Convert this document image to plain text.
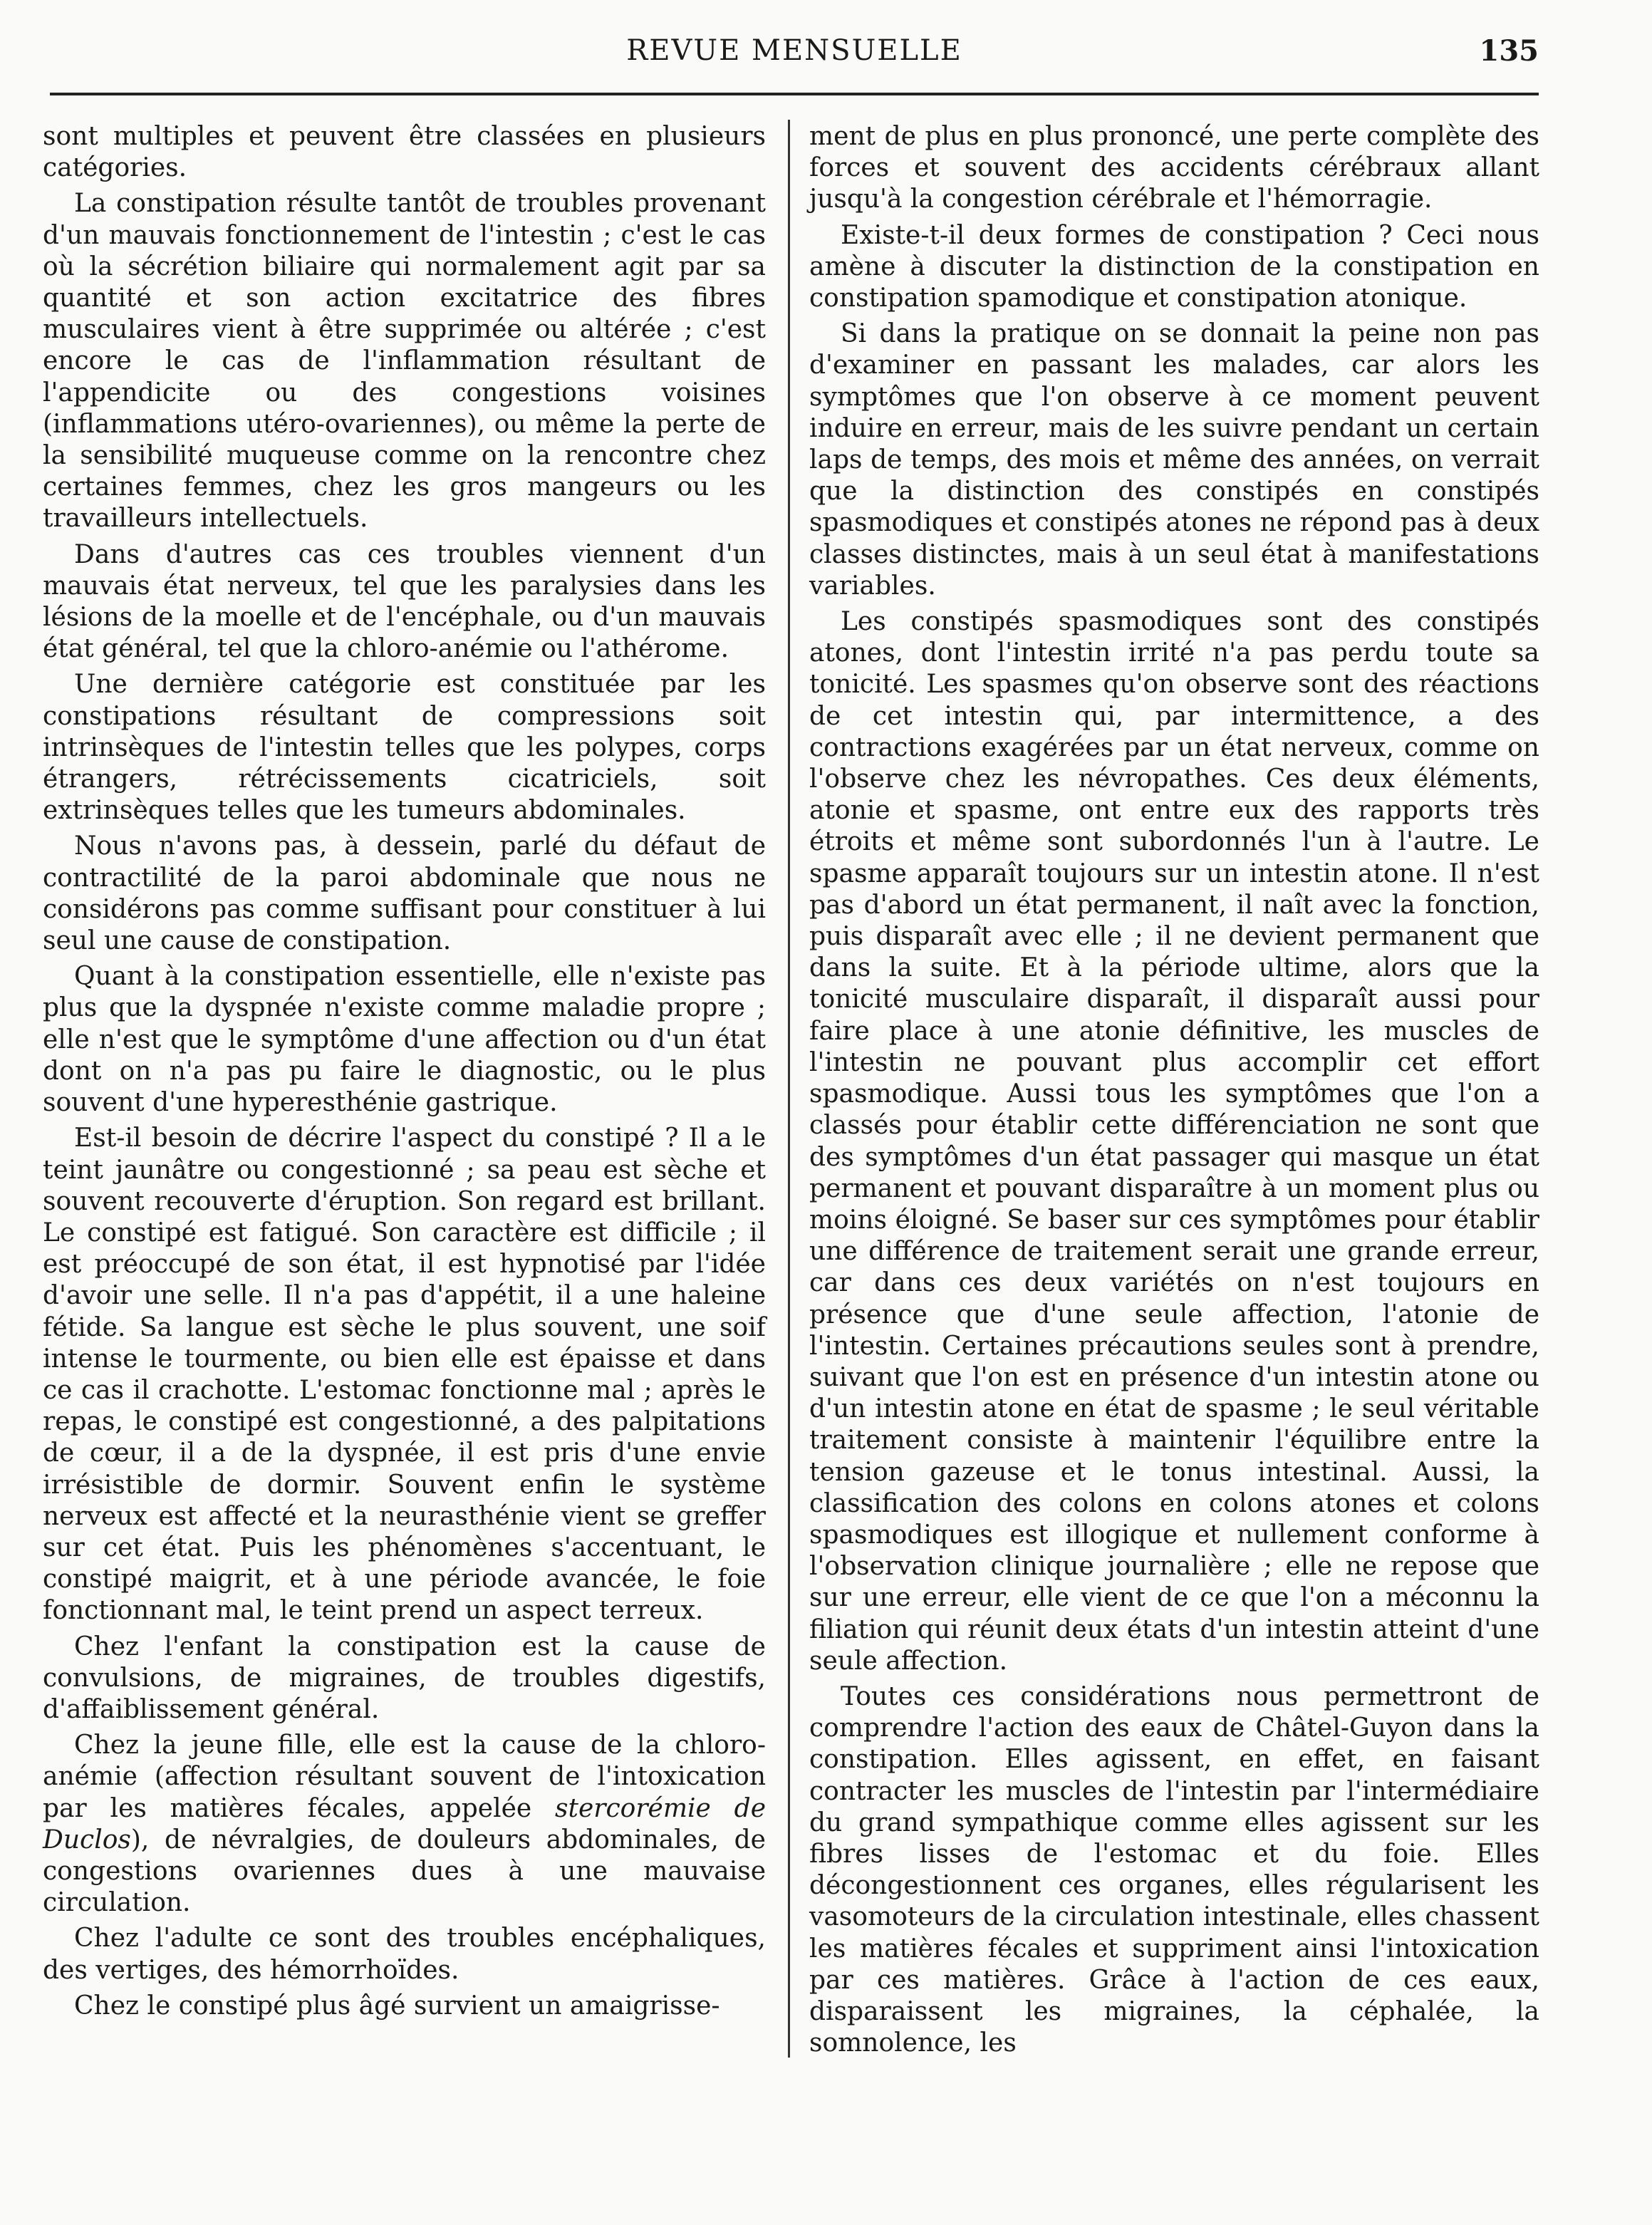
REVUE MENSUELLE	135

sont multiples et peuvent être classées en plusieurs catégories.

La constipation résulte tantôt de troubles provenant d'un mauvais fonctionnement de l'intestin ; c'est le cas où la sécrétion biliaire qui normalement agit par sa quantité et son action excitatrice des fibres musculaires vient à être supprimée ou altérée ; c'est encore le cas de l'inflammation résultant de l'appendicite ou des congestions voisines (inflammations utéro-ovariennes), ou même la perte de la sensibilité muqueuse comme on la rencontre chez certaines femmes, chez les gros mangeurs ou les travailleurs intellectuels.

Dans d'autres cas ces troubles viennent d'un mauvais état nerveux, tel que les paralysies dans les lésions de la moelle et de l'encéphale, ou d'un mauvais état général, tel que la chloro-anémie ou l'athérome.

Une dernière catégorie est constituée par les constipations résultant de compressions soit intrinsèques de l'intestin telles que les polypes, corps étrangers, rétrécissements cicatriciels, soit extrinsèques telles que les tumeurs abdominales.

Nous n'avons pas, à dessein, parlé du défaut de contractilité de la paroi abdominale que nous ne considérons pas comme suffisant pour constituer à lui seul une cause de constipation.

Quant à la constipation essentielle, elle n'existe pas plus que la dyspnée n'existe comme maladie propre ; elle n'est que le symptôme d'une affection ou d'un état dont on n'a pas pu faire le diagnostic, ou le plus souvent d'une hyperesthénie gastrique.

Est-il besoin de décrire l'aspect du constipé ? Il a le teint jaunâtre ou congestionné ; sa peau est sèche et souvent recouverte d'éruption. Son regard est brillant. Le constipé est fatigué. Son caractère est difficile ; il est préoccupé de son état, il est hypnotisé par l'idée d'avoir une selle. Il n'a pas d'appétit, il a une haleine fétide. Sa langue est sèche le plus souvent, une soif intense le tourmente, ou bien elle est épaisse et dans ce cas il crachotte. L'estomac fonctionne mal ; après le repas, le constipé est congestionné, a des palpitations de cœur, il a de la dyspnée, il est pris d'une envie irrésistible de dormir. Souvent enfin le système nerveux est affecté et la neurasthénie vient se greffer sur cet état. Puis les phénomènes s'accentuant, le constipé maigrit, et à une période avancée, le foie fonctionnant mal, le teint prend un aspect terreux.

Chez l'enfant la constipation est la cause de convulsions, de migraines, de troubles digestifs, d'affaiblissement général.

Chez la jeune fille, elle est la cause de la chloro-anémie (affection résultant souvent de l'intoxication par les matières fécales, appelée stercorémie de Duclos), de névralgies, de douleurs abdominales, de congestions ovariennes dues à une mauvaise circulation.

Chez l'adulte ce sont des troubles encéphaliques, des vertiges, des hémorrhoïdes.

Chez le constipé plus âgé survient un amaigrisse-

ment de plus en plus prononcé, une perte complète des forces et souvent des accidents cérébraux allant jusqu'à la congestion cérébrale et l'hémorragie.

Existe-t-il deux formes de constipation ? Ceci nous amène à discuter la distinction de la constipation en constipation spamodique et constipation atonique.

Si dans la pratique on se donnait la peine non pas d'examiner en passant les malades, car alors les symptômes que l'on observe à ce moment peuvent induire en erreur, mais de les suivre pendant un certain laps de temps, des mois et même des années, on verrait que la distinction des constipés en constipés spasmodiques et constipés atones ne répond pas à deux classes distinctes, mais à un seul état à manifestations variables.

Les constipés spasmodiques sont des constipés atones, dont l'intestin irrité n'a pas perdu toute sa tonicité. Les spasmes qu'on observe sont des réactions de cet intestin qui, par intermittence, a des contractions exagérées par un état nerveux, comme on l'observe chez les névropathes. Ces deux éléments, atonie et spasme, ont entre eux des rapports très étroits et même sont subordonnés l'un à l'autre. Le spasme apparaît toujours sur un intestin atone. Il n'est pas d'abord un état permanent, il naît avec la fonction, puis disparaît avec elle ; il ne devient permanent que dans la suite. Et à la période ultime, alors que la tonicité musculaire disparaît, il disparaît aussi pour faire place à une atonie définitive, les muscles de l'intestin ne pouvant plus accomplir cet effort spasmodique. Aussi tous les symptômes que l'on a classés pour établir cette différenciation ne sont que des symptômes d'un état passager qui masque un état permanent et pouvant disparaître à un moment plus ou moins éloigné. Se baser sur ces symptômes pour établir une différence de traitement serait une grande erreur, car dans ces deux variétés on n'est toujours en présence que d'une seule affection, l'atonie de l'intestin. Certaines précautions seules sont à prendre, suivant que l'on est en présence d'un intestin atone ou d'un intestin atone en état de spasme ; le seul véritable traitement consiste à maintenir l'équilibre entre la tension gazeuse et le tonus intestinal. Aussi, la classification des colons en colons atones et colons spasmodiques est illogique et nullement conforme à l'observation clinique journalière ; elle ne repose que sur une erreur, elle vient de ce que l'on a méconnu la filiation qui réunit deux états d'un intestin atteint d'une seule affection.

Toutes ces considérations nous permettront de comprendre l'action des eaux de Châtel-Guyon dans la constipation. Elles agissent, en effet, en faisant contracter les muscles de l'intestin par l'intermédiaire du grand sympathique comme elles agissent sur les fibres lisses de l'estomac et du foie. Elles décongestionnent ces organes, elles régularisent les vasomoteurs de la circulation intestinale, elles chassent les matières fécales et suppriment ainsi l'intoxication par ces matières. Grâce à l'action de ces eaux, disparaissent les migraines, la céphalée, la somnolence, les
